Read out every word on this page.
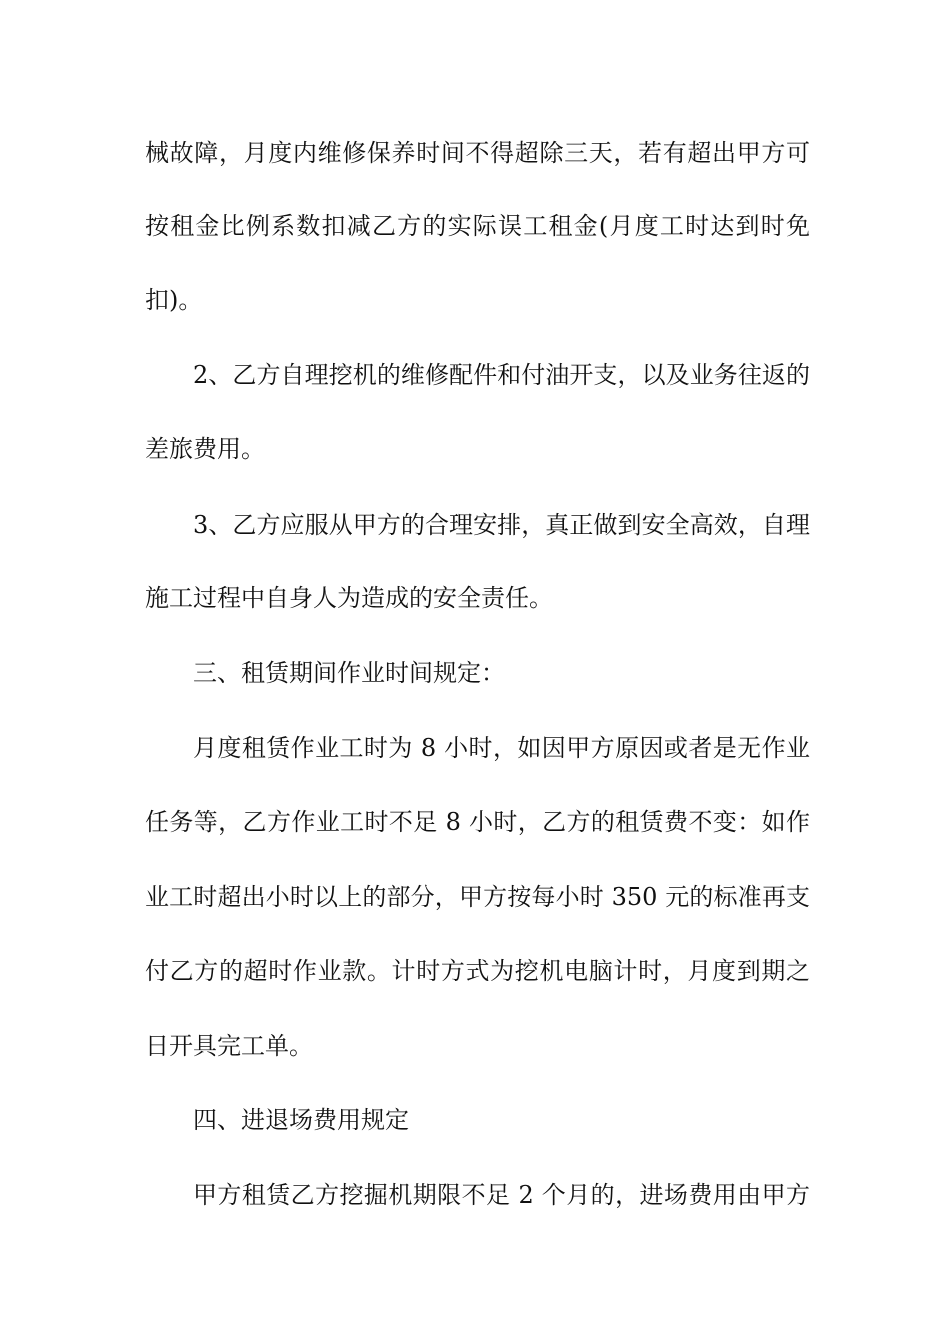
械故障，月度内维修保养时间不得超除三天，若有超出甲方可
按租金比例系数扣减乙方的实际误工租金(月度工时达到时免
扣)。
2、乙方自理挖机的维修配件和付油开支，以及业务往返的
差旅费用。
3、乙方应服从甲方的合理安排，真正做到安全高效，自理
施工过程中自身人为造成的安全责任。
三、租赁期间作业时间规定：
月度租赁作业工时为 8 小时，如因甲方原因或者是无作业
任务等，乙方作业工时不足 8 小时，乙方的租赁费不变：如作
业工时超出小时以上的部分，甲方按每小时 350 元的标准再支
付乙方的超时作业款。计时方式为挖机电脑计时，月度到期之
日开具完工单。
四、进退场费用规定
甲方租赁乙方挖掘机期限不足 2 个月的，进场费用由甲方
